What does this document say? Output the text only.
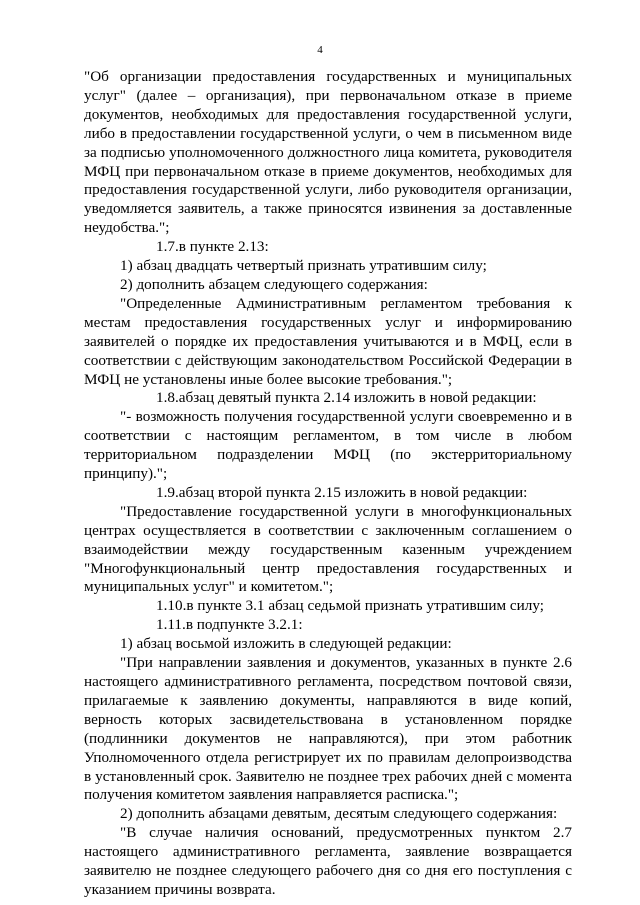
4

"Об организации предоставления государственных и муниципальных услуг" (далее – организация), при первоначальном отказе в приеме документов, необходимых для предоставления государственной услуги, либо в предоставлении государственной услуги, о чем в письменном виде за подписью уполномоченного должностного лица комитета, руководителя МФЦ при первоначальном отказе в приеме документов, необходимых для предоставления государственной услуги, либо руководителя организации, уведомляется заявитель, а также приносятся извинения за доставленные неудобства.";

1.7.в пункте 2.13:

1) абзац двадцать четвертый признать утратившим силу;

2) дополнить абзацем следующего содержания:

"Определенные Административным регламентом требования к местам предоставления государственных услуг и информированию заявителей о порядке их предоставления учитываются и в МФЦ, если в соответствии с действующим законодательством Российской Федерации в МФЦ не установлены иные более высокие требования.";

1.8.абзац девятый пункта 2.14 изложить в новой редакции:

"- возможность получения государственной услуги своевременно и в соответствии с настоящим регламентом, в том числе в любом территориальном подразделении МФЦ (по экстерриториальному принципу).";

1.9.абзац второй пункта 2.15 изложить в новой редакции:

"Предоставление государственной услуги в многофункциональных центрах осуществляется в соответствии с заключенным соглашением о взаимодействии между государственным казенным учреждением "Многофункциональный центр предоставления государственных и муниципальных услуг" и комитетом.";

1.10.в пункте 3.1 абзац седьмой признать утратившим силу;

1.11.в подпункте 3.2.1:

1) абзац восьмой изложить в следующей редакции:

"При направлении заявления и документов, указанных в пункте 2.6 настоящего административного регламента, посредством почтовой связи, прилагаемые к заявлению документы, направляются в виде копий, верность которых засвидетельствована в установленном порядке (подлинники документов не направляются), при этом работник Уполномоченного отдела регистрирует их по правилам делопроизводства в установленный срок. Заявителю не позднее трех рабочих дней с момента получения комитетом заявления направляется расписка.";

2) дополнить абзацами девятым, десятым следующего содержания:

"В случае наличия оснований, предусмотренных пунктом 2.7 настоящего административного регламента, заявление возвращается заявителю не позднее следующего рабочего дня со дня его поступления с указанием причины возврата.
